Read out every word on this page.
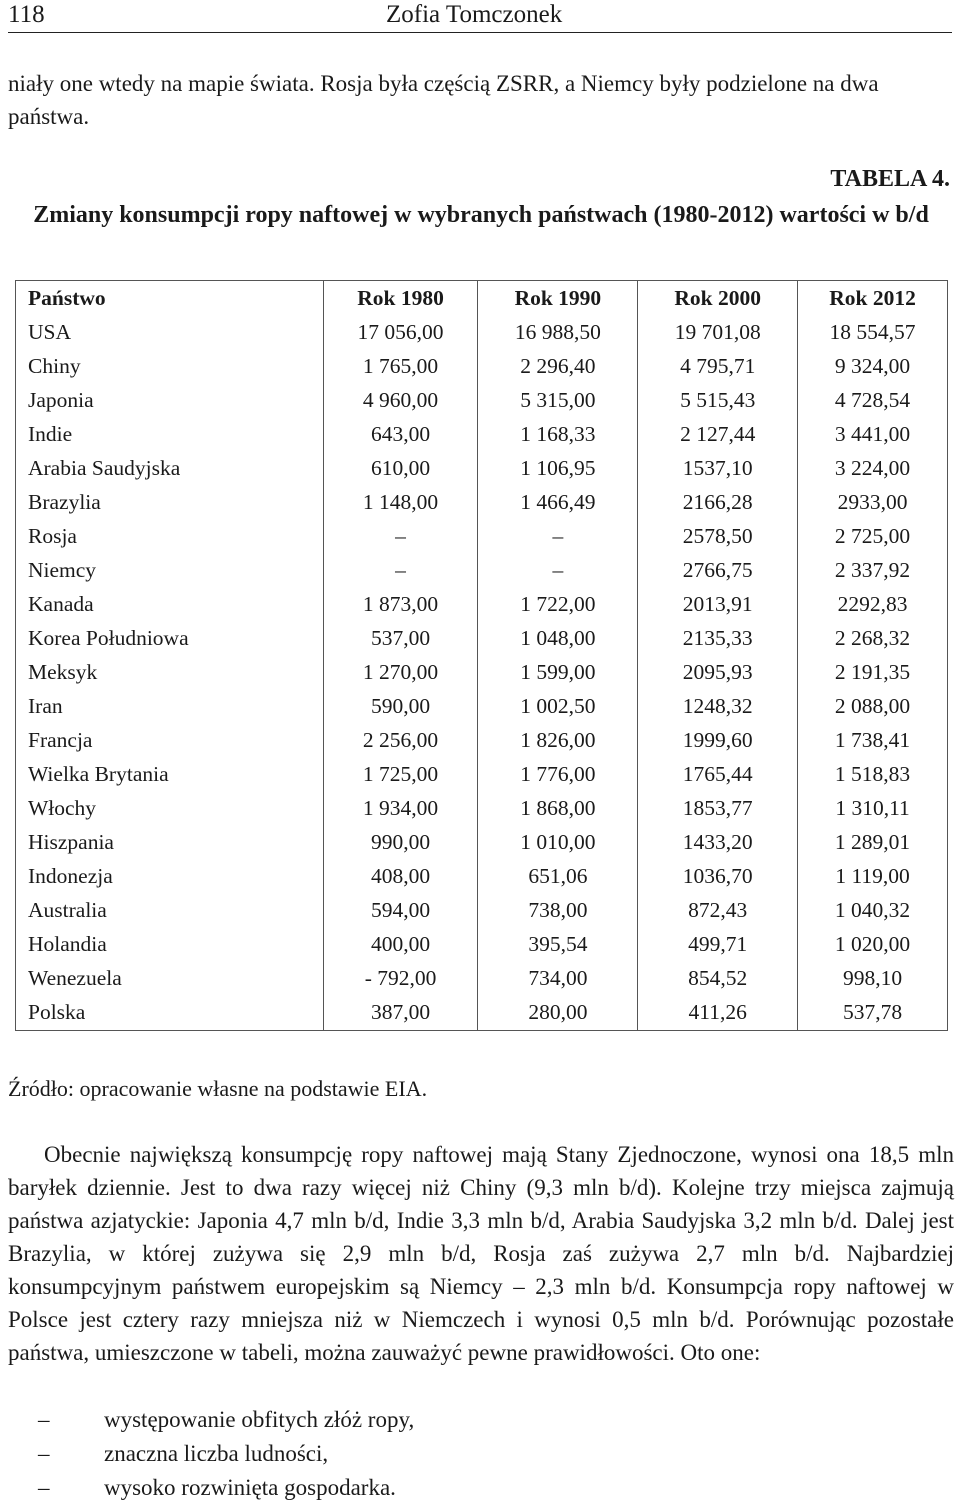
118	Zofia Tomczonek

niały one wtedy na mapie świata. Rosja była częścią ZSRR, a Niemcy były podzielone na dwa państwa.

TABELA 4.

Zmiany konsumpcji ropy naftowej w wybranych państwach (1980-2012) wartości w b/d

Państwo	Rok 1980	Rok 1990	Rok 2000	Rok 2012
USA	17 056,00	16 988,50	19 701,08	18 554,57
Chiny	1 765,00	2 296,40	4 795,71	9 324,00
Japonia	4 960,00	5 315,00	5 515,43	4 728,54
Indie	643,00	1 168,33	2 127,44	3 441,00
Arabia Saudyjska	610,00	1 106,95	1537,10	3 224,00
Brazylia	1 148,00	1 466,49	2166,28	2933,00
Rosja	–	–	2578,50	2 725,00
Niemcy	–	–	2766,75	2 337,92
Kanada	1 873,00	1 722,00	2013,91	2292,83
Korea Południowa	537,00	1 048,00	2135,33	2 268,32
Meksyk	1 270,00	1 599,00	2095,93	2 191,35
Iran	590,00	1 002,50	1248,32	2 088,00
Francja	2 256,00	1 826,00	1999,60	1 738,41
Wielka Brytania	1 725,00	1 776,00	1765,44	1 518,83
Włochy	1 934,00	1 868,00	1853,77	1 310,11
Hiszpania	990,00	1 010,00	1433,20	1 289,01
Indonezja	408,00	651,06	1036,70	1 119,00
Australia	594,00	738,00	872,43	1 040,32
Holandia	400,00	395,54	499,71	1 020,00
Wenezuela	- 792,00	734,00	854,52	998,10
Polska	387,00	280,00	411,26	537,78
Źródło: opracowanie własne na podstawie EIA.

Obecnie największą konsumpcję ropy naftowej mają Stany Zjednoczone, wynosi ona 18,5 mln baryłek dziennie. Jest to dwa razy więcej niż Chiny (9,3 mln b/d). Kolejne trzy miejsca zajmują państwa azjatyckie: Japonia 4,7 mln b/d, Indie 3,3 mln b/d, Arabia Saudyjska 3,2 mln b/d. Dalej jest Brazylia, w której zużywa się 2,9 mln b/d, Rosja zaś zużywa 2,7 mln b/d. Najbardziej konsumpcyjnym państwem europejskim są Niemcy – 2,3 mln b/d. Konsumpcja ropy naftowej w Polsce jest cztery razy mniejsza niż w Niemczech i wynosi 0,5 mln b/d. Porównując pozostałe państwa, umieszczone w tabeli, można zauważyć pewne prawidłowości. Oto one:

– występowanie obfitych złóż ropy,
– znaczna liczba ludności,
– wysoko rozwinięta gospodarka.
